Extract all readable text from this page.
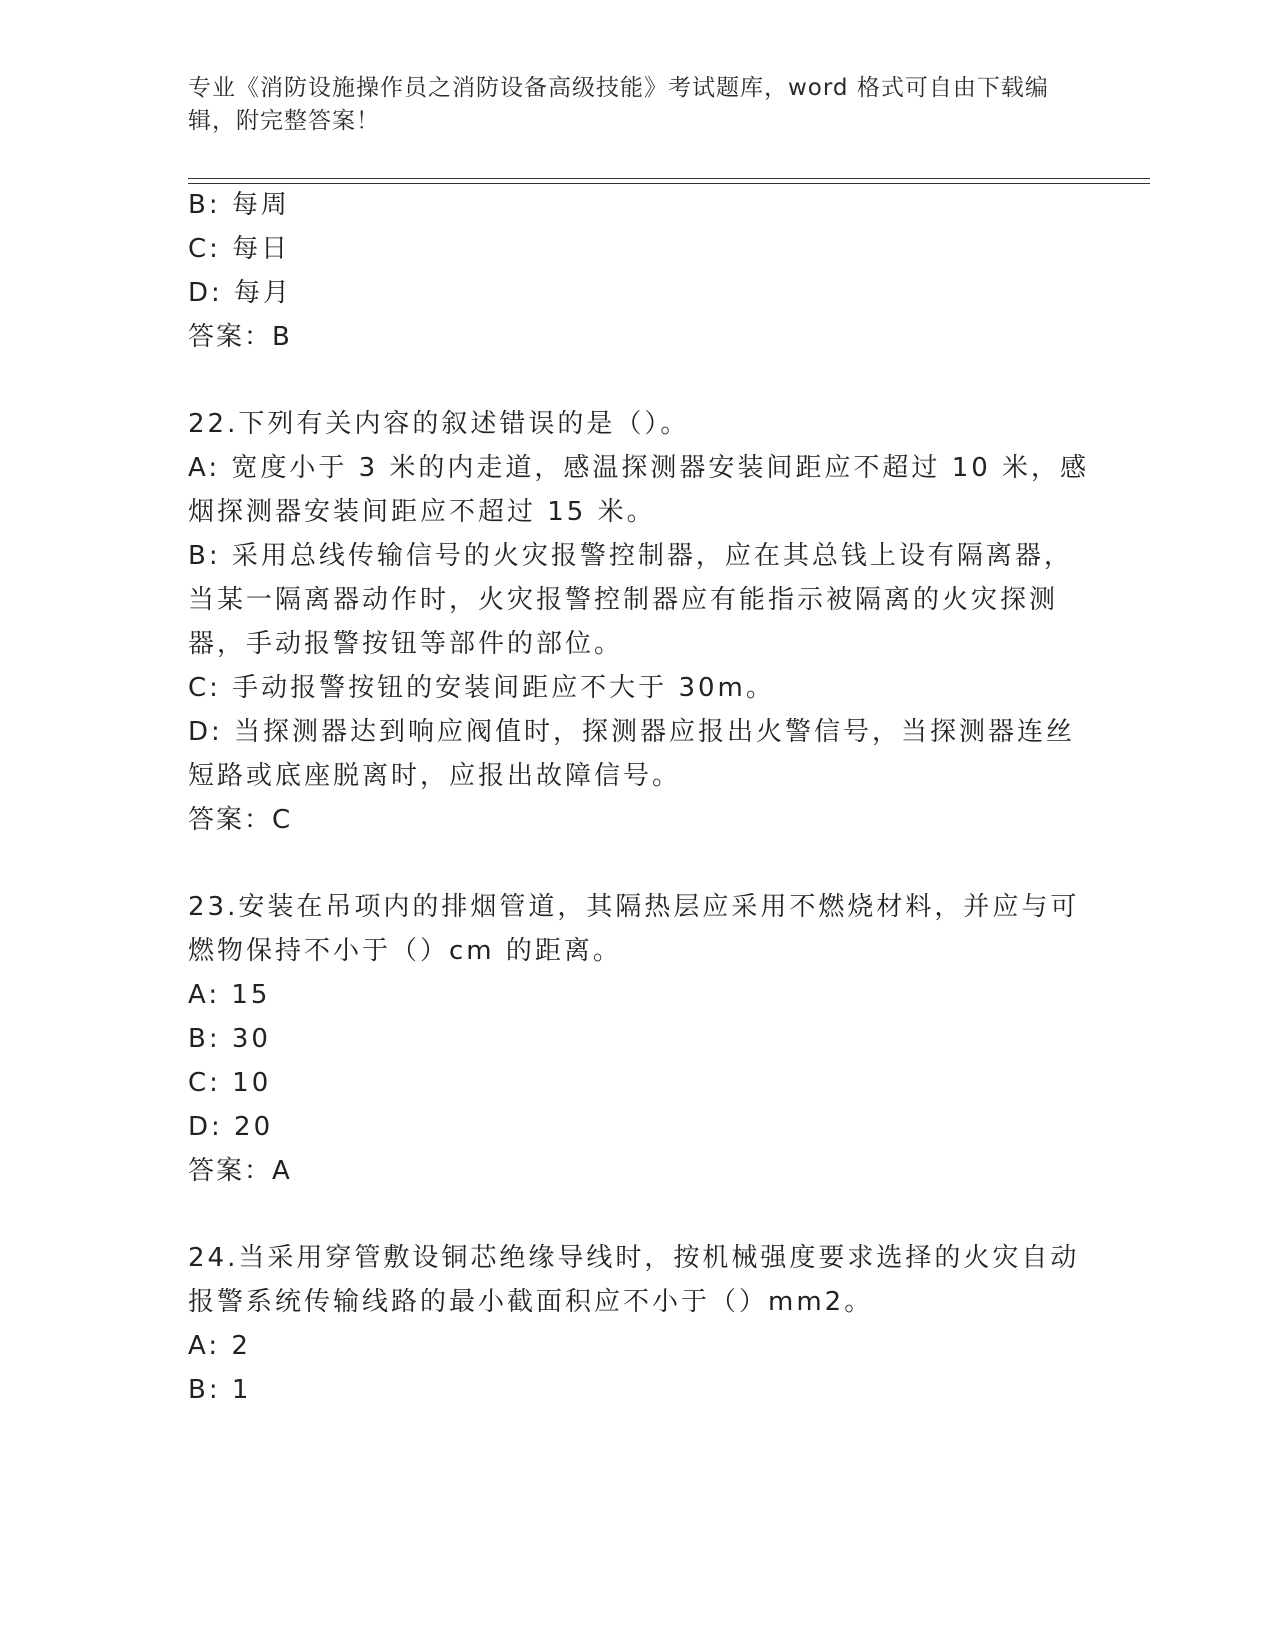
专业《消防设施操作员之消防设备高级技能》考试题库，word 格式可自由下载编
辑，附完整答案！
B: 每周
C: 每日
D: 每月
答案：B
22.下列有关内容的叙述错误的是（）。
A: 宽度小于 3 米的内走道，感温探测器安装间距应不超过 10 米，感
烟探测器安装间距应不超过 15 米。
B: 采用总线传输信号的火灾报警控制器，应在其总钱上设有隔离器，
当某一隔离器动作时，火灾报警控制器应有能指示被隔离的火灾探测
器，手动报警按钮等部件的部位。
C: 手动报警按钮的安装间距应不大于 30m。
D: 当探测器达到响应阀值时，探测器应报出火警信号，当探测器连丝
短路或底座脱离时，应报出故障信号。
答案：C
23.安装在吊项内的排烟管道，其隔热层应采用不燃烧材料，并应与可
燃物保持不小于（）cm 的距离。
A: 15
B: 30
C: 10
D: 20
答案：A
24.当采用穿管敷设铜芯绝缘导线时，按机械强度要求选择的火灾自动
报警系统传输线路的最小截面积应不小于（）mm2。
A: 2
B: 1
